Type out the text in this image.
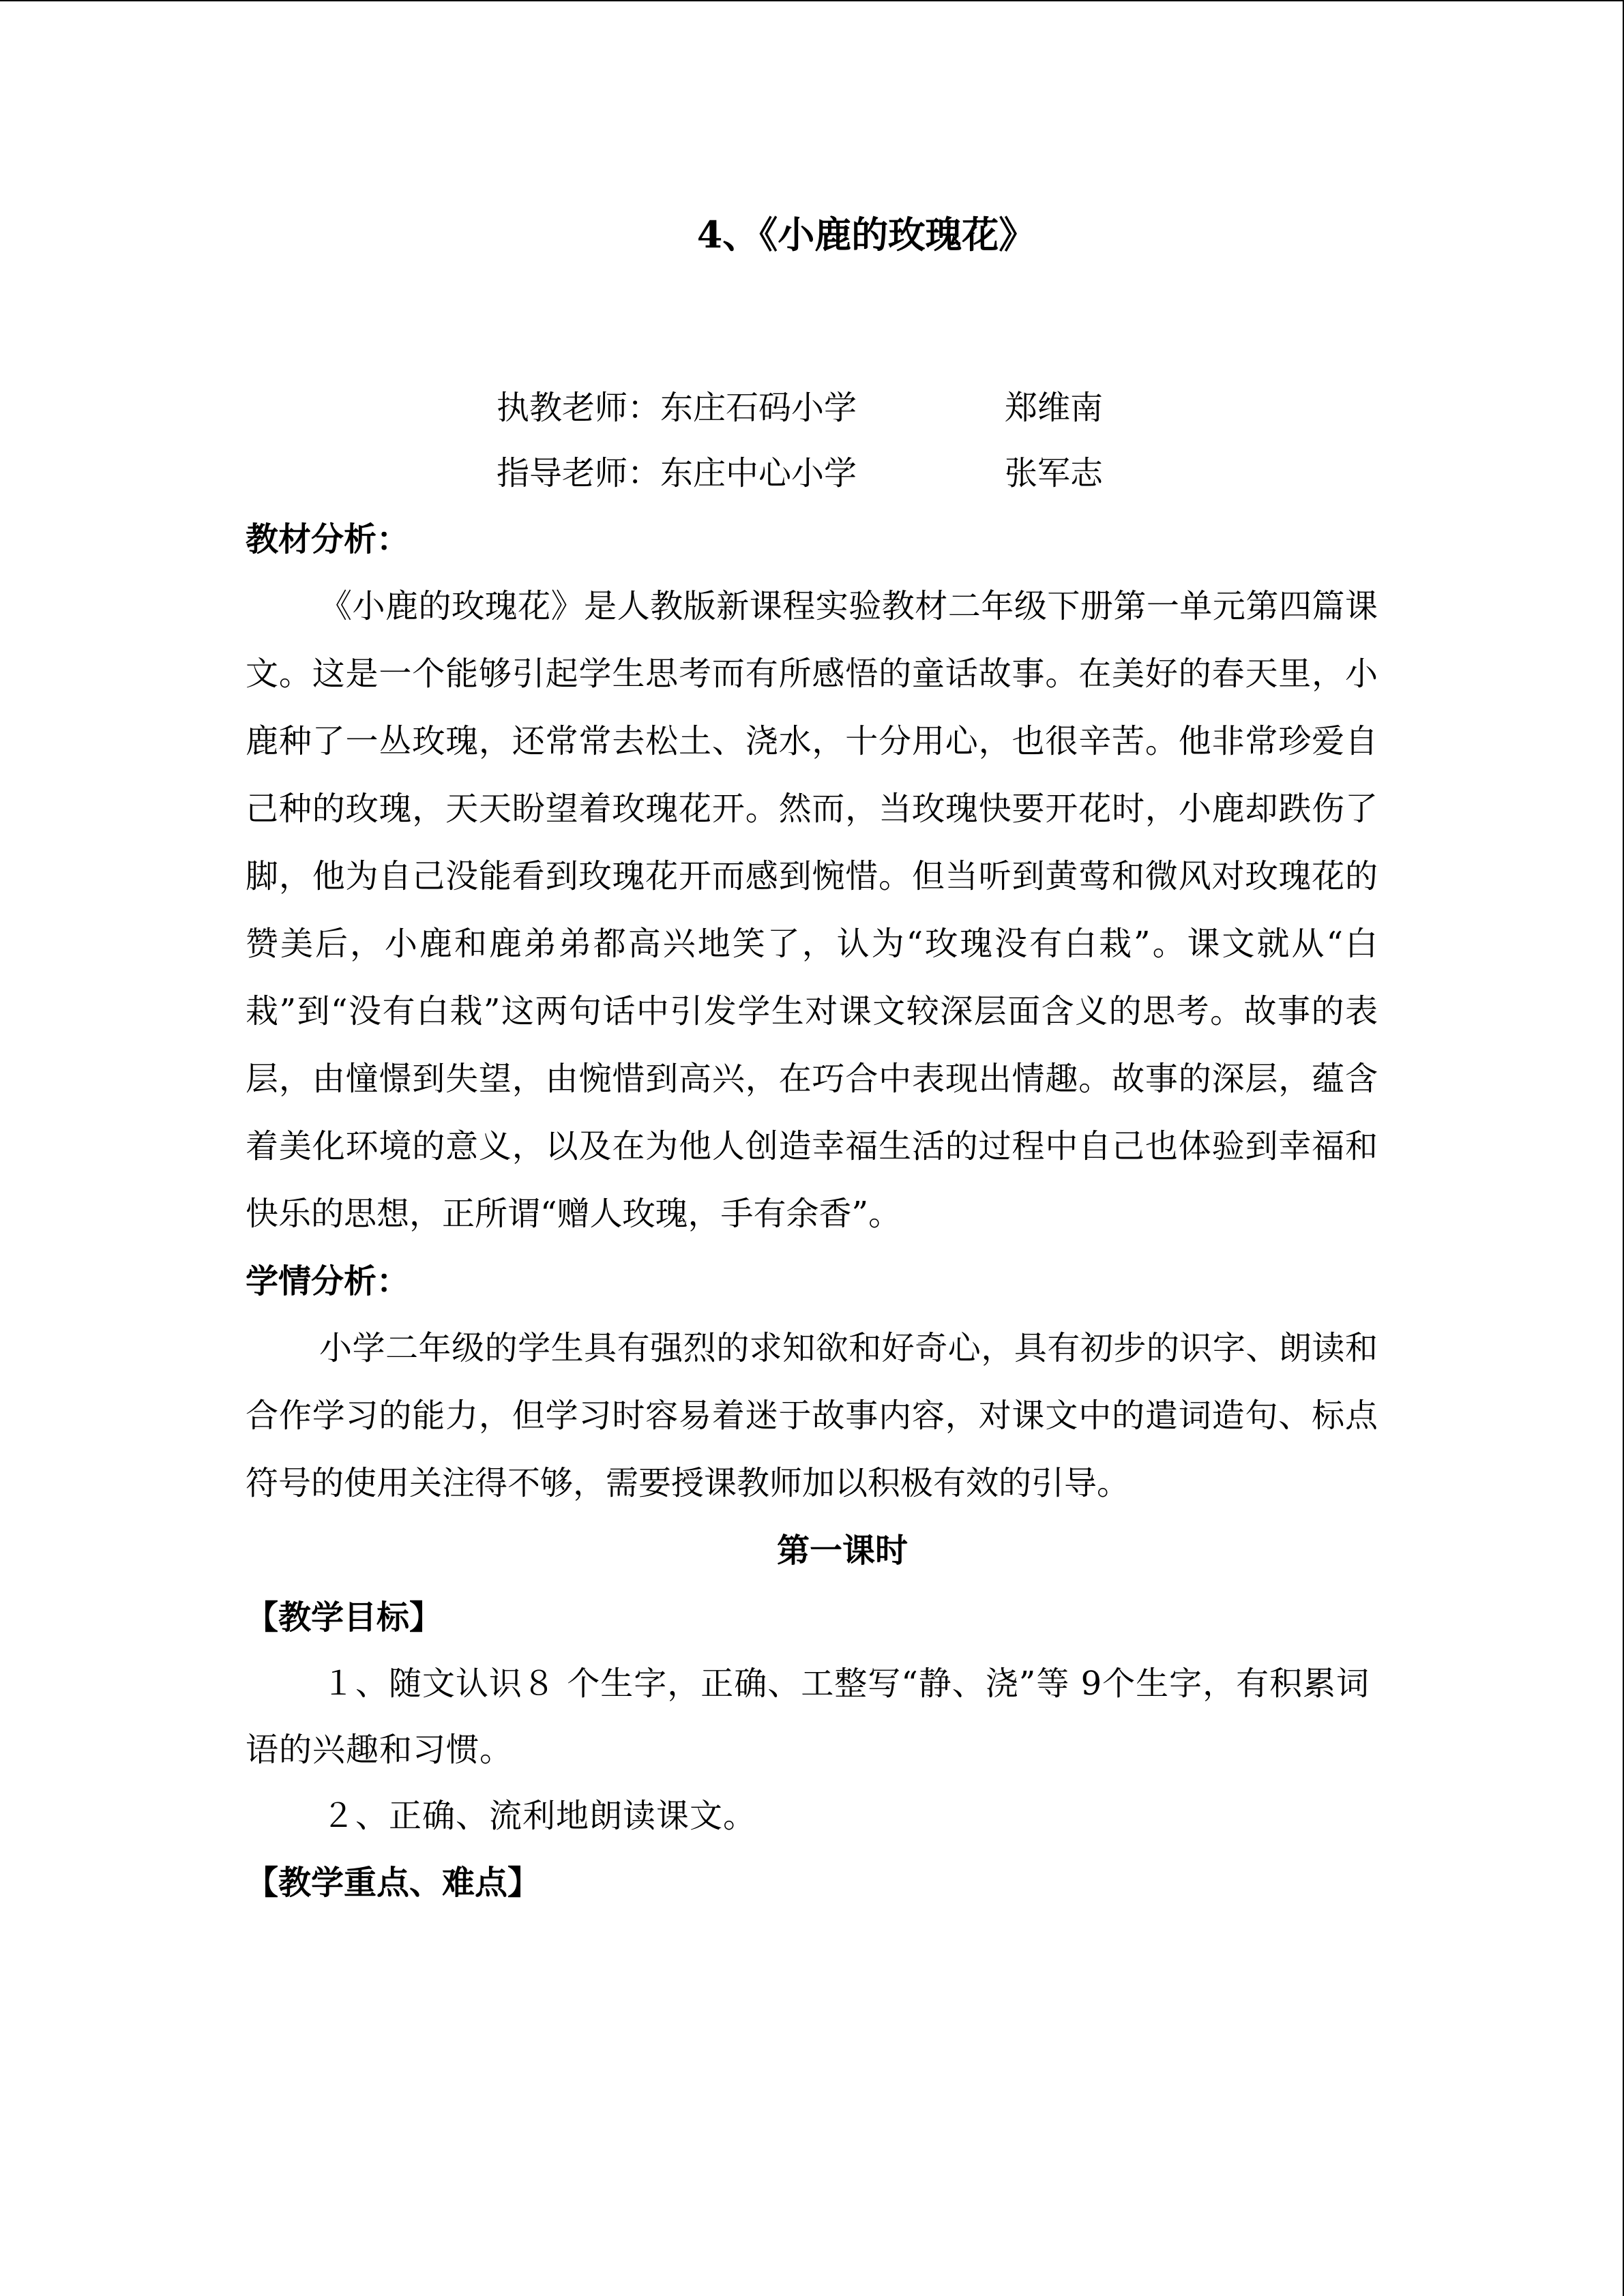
4、《小鹿的玫瑰花》
执教老师： 东庄石码小学	郑维南
指导老师： 东庄中心小学	张军志
教材分析：

《小鹿的玫瑰花》是人教版新课程实验教材二年级下册第一单元第四篇课文。这是一个能够引起学生思考而有所感悟的童话故事。在美好的春天里，小鹿种了一丛玫瑰，还常常去松土、浇水，十分用心，也很辛苦。他非常珍爱自己种的玫瑰，天天盼望着玫瑰花开。然而，当玫瑰快要开花时，小鹿却跌伤了脚，他为自己没能看到玫瑰花开而感到惋惜。但当听到黄莺和微风对玫瑰花的赞美后，小鹿和鹿弟弟都高兴地笑了，认为“玫瑰没有白栽”。课文就从“白栽”到“没有白栽”这两句话中引发学生对课文较深层面含义的思考。故事的表层，由憧憬到失望，由惋惜到高兴，在巧合中表现出情趣。故事的深层，蕴含着美化环境的意义，以及在为他人创造幸福生活的过程中自己也体验到幸福和快乐的思想，正所谓“赠人玫瑰，手有余香”。

学情分析：

小学二年级的学生具有强烈的求知欲和好奇心，具有初步的识字、朗读和合作学习的能力，但学习时容易着迷于故事内容，对课文中的遣词造句、标点符号的使用关注得不够，需要授课教师加以积极有效的引导。

第一课时
【教学目标】

１、随文认识８ 个生字，正确、工整写“静、浇”等 9个生字，有积累词语的兴趣和习惯。

２、正确、流利地朗读课文。

【教学重点、难点】
